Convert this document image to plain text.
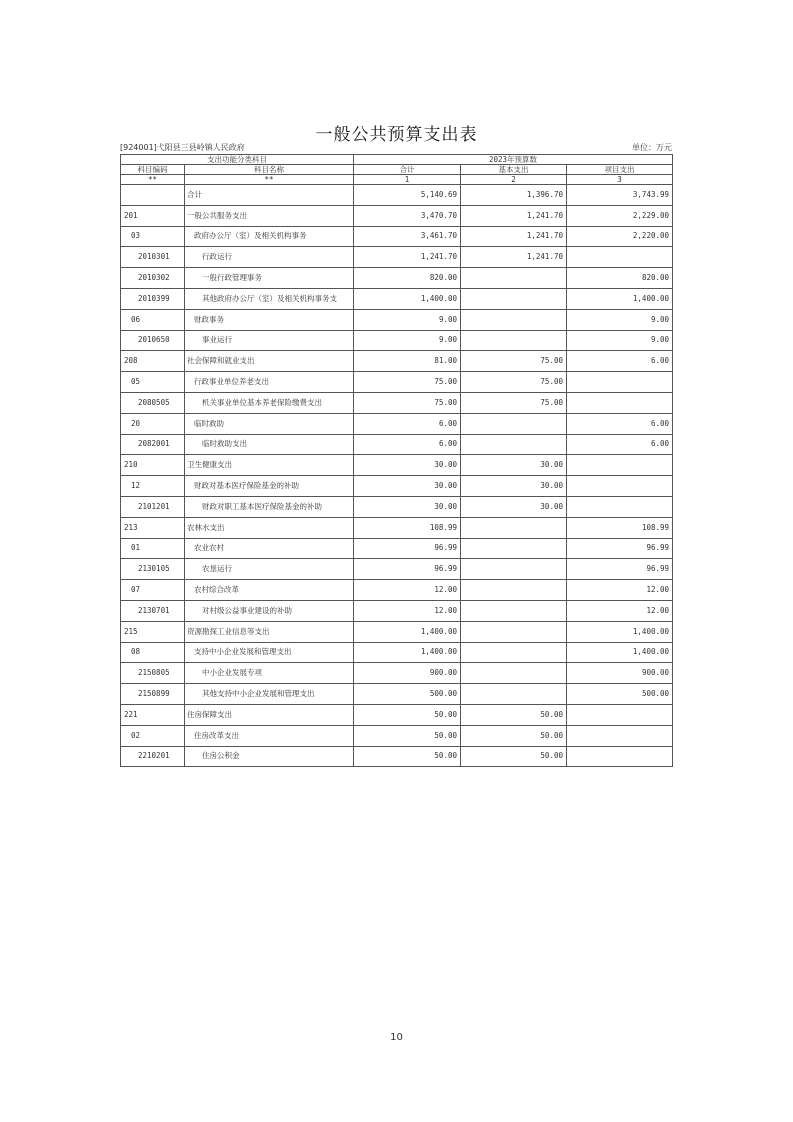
一般公共预算支出表
[924001]弋阳县三县岭镇人民政府	单位：万元
支出功能分类科目		2023年预算数		
科目编码	科目名称	合计	基本支出	项目支出
**	**	1	2	3
	合计	5,140.69	1,396.70	3,743.99
201	一般公共服务支出	3,470.70	1,241.70	2,229.00
03	政府办公厅（室）及相关机构事务	3,461.70	1,241.70	2,220.00
2010301	行政运行	1,241.70	1,241.70	
2010302	一般行政管理事务	820.00		820.00
2010399	其他政府办公厅（室）及相关机构事务支	1,400.00		1,400.00
06	财政事务	9.00		9.00
2010650	事业运行	9.00		9.00
208	社会保障和就业支出	81.00	75.00	6.00
05	行政事业单位养老支出	75.00	75.00	
2080505	机关事业单位基本养老保险缴费支出	75.00	75.00	
20	临时救助	6.00		6.00
2082001	临时救助支出	6.00		6.00
210	卫生健康支出	30.00	30.00	
12	财政对基本医疗保险基金的补助	30.00	30.00	
2101201	财政对职工基本医疗保险基金的补助	30.00	30.00	
213	农林水支出	108.99		108.99
01	农业农村	96.99		96.99
2130105	农垦运行	96.99		96.99
07	农村综合改革	12.00		12.00
2130701	对村级公益事业建设的补助	12.00		12.00
215	资源勘探工业信息等支出	1,400.00		1,400.00
08	支持中小企业发展和管理支出	1,400.00		1,400.00
2150805	中小企业发展专项	900.00		900.00
2150899	其他支持中小企业发展和管理支出	500.00		500.00
221	住房保障支出	50.00	50.00	
02	住房改革支出	50.00	50.00	
2210201	住房公积金	50.00	50.00	
10
